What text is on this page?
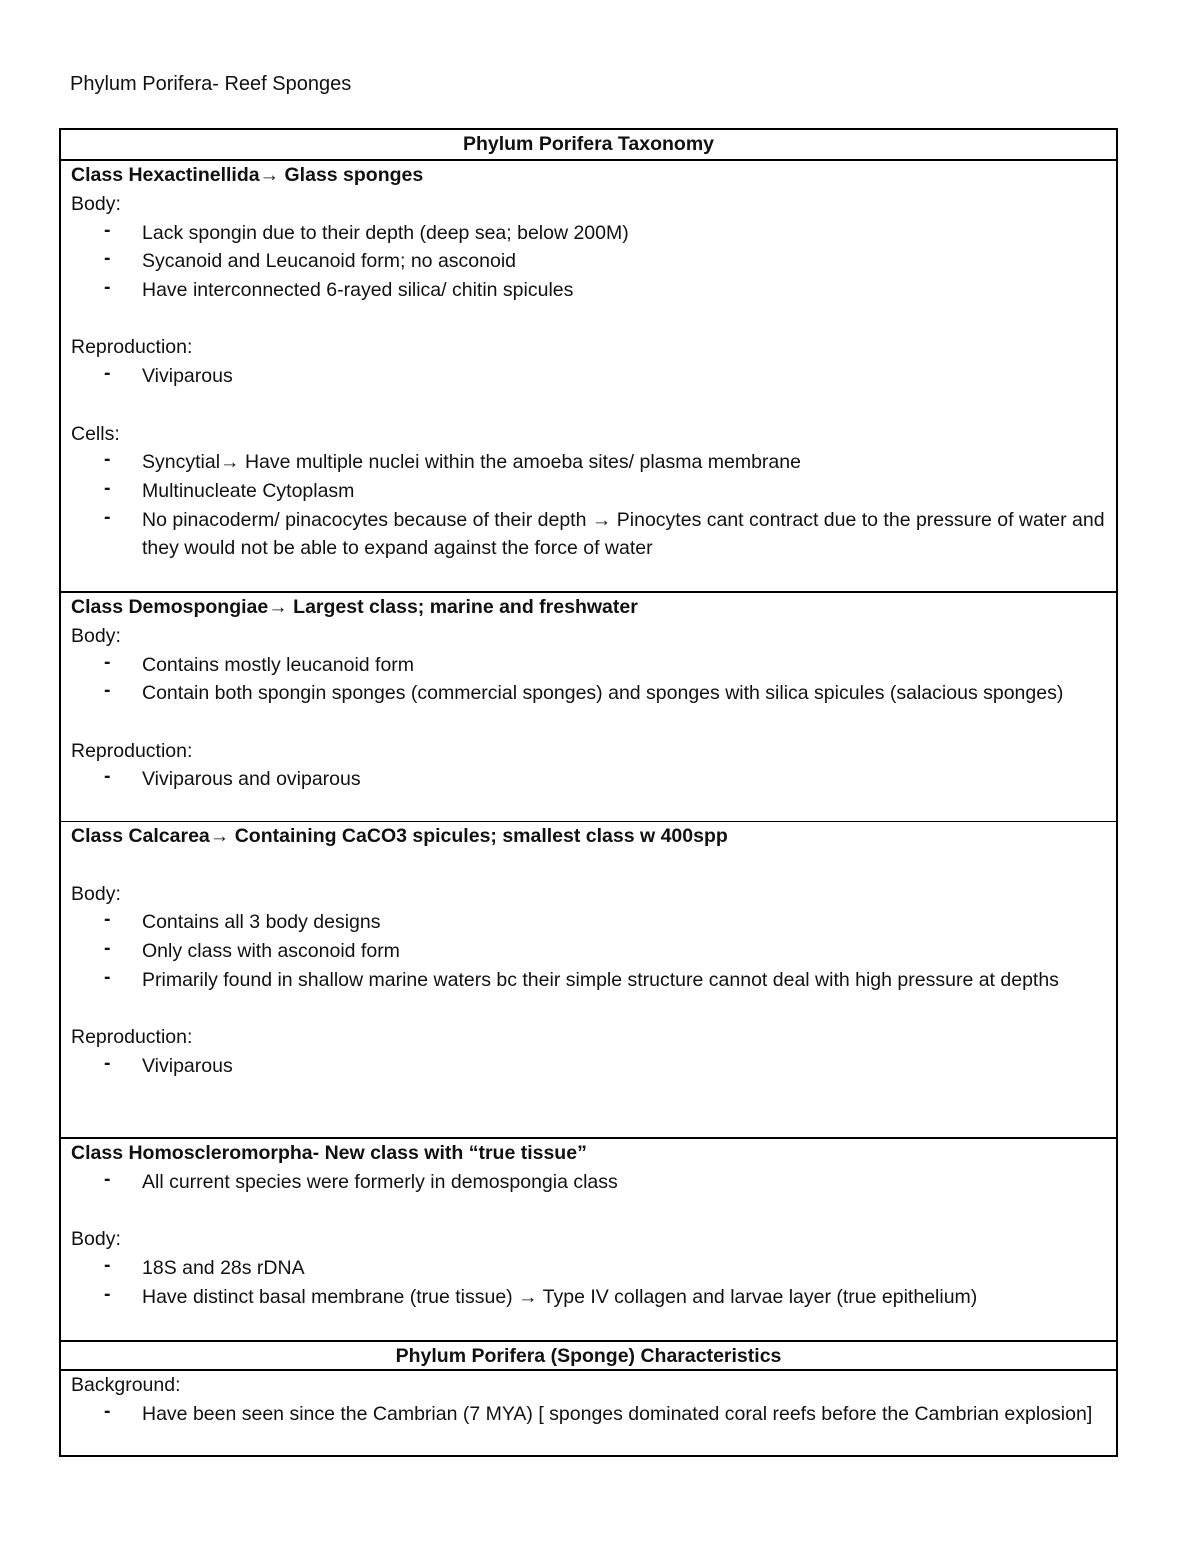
Phylum Porifera- Reef Sponges
Phylum Porifera Taxonomy
Class Hexactinellida→ Glass sponges
Body:
-	Lack spongin due to their depth (deep sea; below 200M)
-	Sycanoid and Leucanoid form; no asconoid
-	Have interconnected 6-rayed silica/ chitin spicules
Reproduction:
-	Viviparous
Cells:
-	Syncytial→ Have multiple nuclei within the amoeba sites/ plasma membrane
-	Multinucleate Cytoplasm
-	No pinacoderm/ pinacocytes because of their depth → Pinocytes cant contract due to the pressure of water and they would not be able to expand against the force of water
Class Demospongiae→ Largest class; marine and freshwater
Body:
-	Contains mostly leucanoid form
-	Contain both spongin sponges (commercial sponges) and sponges with silica spicules (salacious sponges)
Reproduction:
-	Viviparous and oviparous
Class Calcarea→ Containing CaCO3 spicules; smallest class w 400spp
Body:
-	Contains all 3 body designs
-	Only class with asconoid form
-	Primarily found in shallow marine waters bc their simple structure cannot deal with high pressure at depths
Reproduction:
-	Viviparous
Class Homoscleromorpha- New class with “true tissue”
-	All current species were formerly in demospongia class
Body:
-	18S and 28s rDNA
-	Have distinct basal membrane (true tissue) → Type IV collagen and larvae layer (true epithelium)
Phylum Porifera (Sponge) Characteristics
Background:
-	Have been seen since the Cambrian (7 MYA) [ sponges dominated coral reefs before the Cambrian explosion]
